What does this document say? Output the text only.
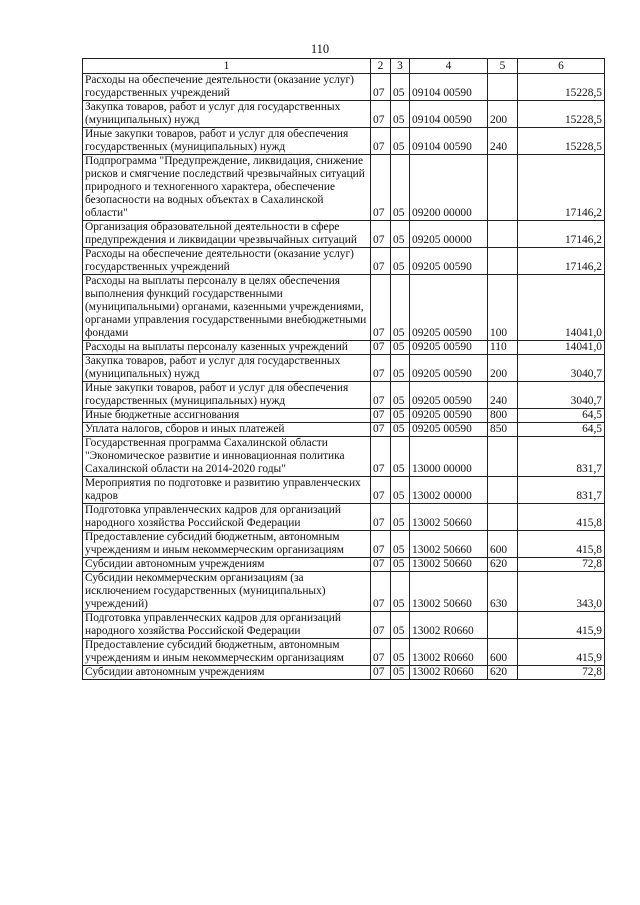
110
1	2	3	4	5	6
Расходы на обеспечение деятельности (оказание услуг) государственных учреждений	07	05	09104 00590		15228,5
Закупка товаров, работ и услуг для государственных (муниципальных) нужд	07	05	09104 00590	200	15228,5
Иные закупки товаров, работ и услуг для обеспечения государственных (муниципальных) нужд	07	05	09104 00590	240	15228,5
Подпрограмма "Предупреждение, ликвидация, снижение рисков и смягчение последствий чрезвычайных ситуаций природного и техногенного характера, обеспечение безопасности на водных объектах в Сахалинской области"	07	05	09200 00000		17146,2
Организация образовательной деятельности в сфере предупреждения и ликвидации чрезвычайных ситуаций	07	05	09205 00000		17146,2
Расходы на обеспечение деятельности (оказание услуг) государственных учреждений	07	05	09205 00590		17146,2
Расходы на выплаты персоналу в целях обеспечения выполнения функций государственными (муниципальными) органами, казенными учреждениями, органами управления государственными внебюджетными фондами	07	05	09205 00590	100	14041,0
Расходы на выплаты персоналу казенных учреждений	07	05	09205 00590	110	14041,0
Закупка товаров, работ и услуг для государственных (муниципальных) нужд	07	05	09205 00590	200	3040,7
Иные закупки товаров, работ и услуг для обеспечения государственных (муниципальных) нужд	07	05	09205 00590	240	3040,7
Иные бюджетные ассигнования	07	05	09205 00590	800	64,5
Уплата налогов, сборов и иных платежей	07	05	09205 00590	850	64,5
Государственная программа Сахалинской области "Экономическое развитие и инновационная политика Сахалинской области на 2014-2020 годы"	07	05	13000 00000		831,7
Мероприятия по подготовке и развитию управленческих кадров	07	05	13002 00000		831,7
Подготовка управленческих кадров для организаций народного хозяйства Российской Федерации	07	05	13002 50660		415,8
Предоставление субсидий бюджетным, автономным учреждениям и иным некоммерческим организациям	07	05	13002 50660	600	415,8
Субсидии автономным учреждениям	07	05	13002 50660	620	72,8
Субсидии некоммерческим организациям (за исключением государственных (муниципальных) учреждений)	07	05	13002 50660	630	343,0
Подготовка управленческих кадров для организаций народного хозяйства Российской Федерации	07	05	13002 R0660		415,9
Предоставление субсидий бюджетным, автономным учреждениям и иным некоммерческим организациям	07	05	13002 R0660	600	415,9
Субсидии автономным учреждениям	07	05	13002 R0660	620	72,8
